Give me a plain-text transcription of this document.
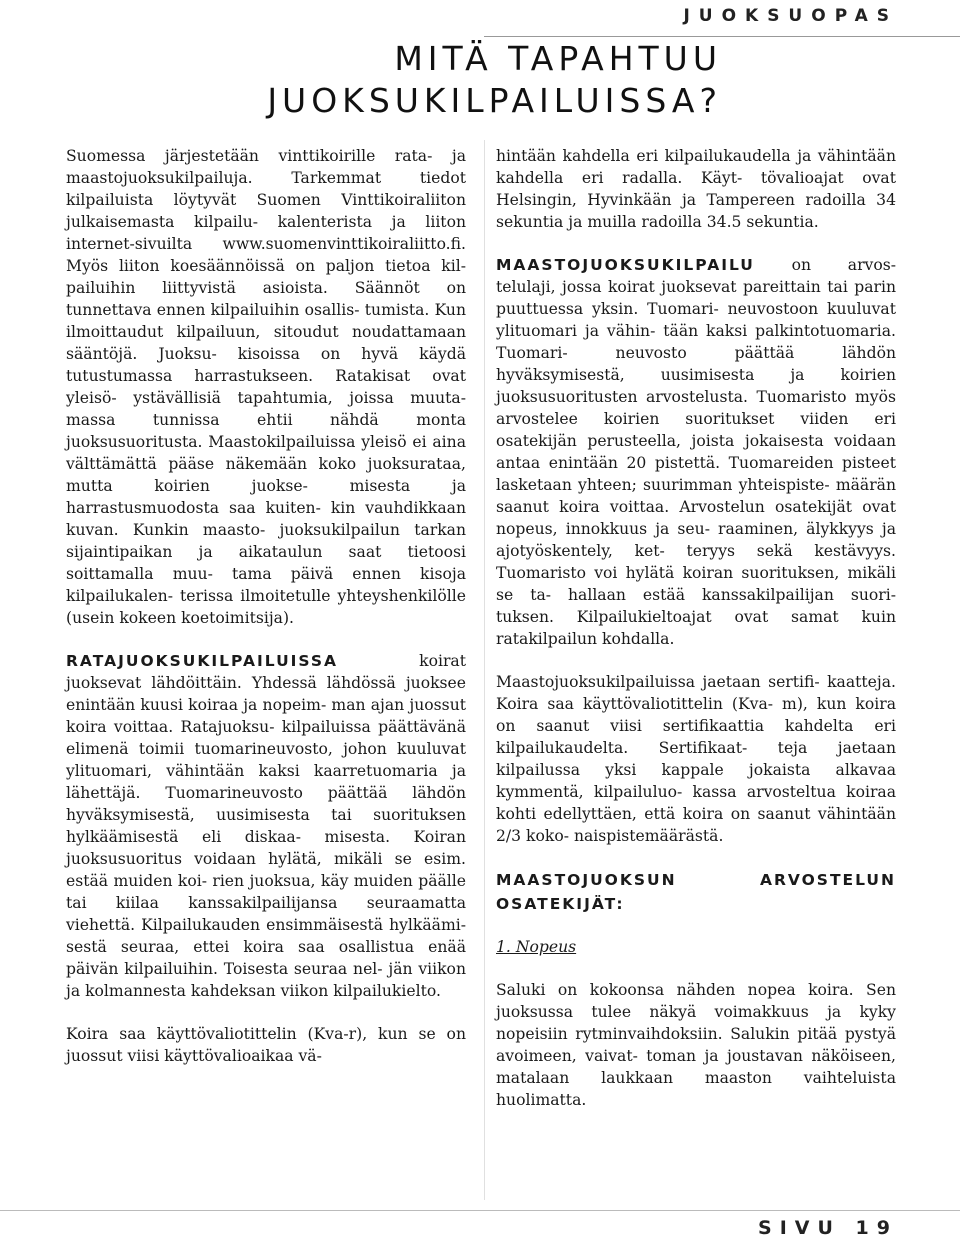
JUOKSUOPAS
MITÄ TAPAHTUU
JUOKSUKILPAILUISSA?

Suomessa järjestetään vinttikoirille rata- ja maastojuoksukilpailuja. Tarkemmat tiedot kilpailuista löytyvät Suomen Vinttikoiraliiton julkaisemasta kilpailu- kalenterista ja liiton internet-sivuilta www.suomenvinttikoiraliitto.fi. Myös liiton koesäännöissä on paljon tietoa kil- pailuihin liittyvistä asioista. Säännöt on tunnettava ennen kilpailuihin osallis- tumista. Kun ilmoittaudut kilpailuun, sitoudut noudattamaan sääntöjä. Juoksu- kisoissa on hyvä käydä tutustumassa harrastukseen. Ratakisat ovat yleisö- ystävällisiä tapahtumia, joissa muuta- massa tunnissa ehtii nähdä monta juoksusuoritusta. Maastokilpailuissa yleisö ei aina välttämättä pääse näkemään koko juoksurataa, mutta koirien juokse- misesta ja harrastusmuodosta saa kuiten- kin vauhdikkaan kuvan. Kunkin maasto- juoksukilpailun tarkan sijaintipaikan ja aikataulun saat tietoosi soittamalla muu- tama päivä ennen kisoja kilpailukalen- terissa ilmoitetulle yhteyshenkilölle (usein kokeen koetoimitsija).

RATAJUOKSUKILPAILUISSA koirat juoksevat lähdöittäin. Yhdessä lähdössä juoksee enintään kuusi koiraa ja nopeim- man ajan juossut koira voittaa. Ratajuoksu- kilpailuissa päättävänä elimenä toimii tuomarineuvosto, johon kuuluvat ylituomari, vähintään kaksi kaarretuomaria ja lähettäjä. Tuomarineuvosto päättää lähdön hyväksymisestä, uusimisesta tai suorituksen hylkäämisestä eli diskaa- misesta. Koiran juoksusuoritus voidaan hylätä, mikäli se esim. estää muiden koi- rien juoksua, käy muiden päälle tai kiilaa kanssakilpailijansa seuraamatta viehettä. Kilpailukauden ensimmäisestä hylkäämi- sestä seuraa, ettei koira saa osallistua enää päivän kilpailuihin. Toisesta seuraa nel- jän viikon ja kolmannesta kahdeksan viikon kilpailukielto.

Koira saa käyttövaliotittelin (Kva-r), kun se on juossut viisi käyttövalioaikaa vä-

hintään kahdella eri kilpailukaudella ja vähintään kahdella eri radalla. Käyt- tövalioajat ovat Helsingin, Hyvinkään ja Tampereen radoilla 34 sekuntia ja muilla radoilla 34.5 sekuntia.

MAASTOJUOKSUKILPAILU on arvos- telulaji, jossa koirat juoksevat pareittain tai parin puuttuessa yksin. Tuomari- neuvostoon kuuluvat ylituomari ja vähin- tään kaksi palkintotuomaria. Tuomari- neuvosto päättää lähdön hyväksymisestä, uusimisesta ja koirien juoksusuoritusten arvostelusta. Tuomaristo myös arvostelee koirien suoritukset viiden eri osatekijän perusteella, joista jokaisesta voidaan antaa enintään 20 pistettä. Tuomareiden pisteet lasketaan yhteen; suurimman yhteispiste- määrän saanut koira voittaa. Arvostelun osatekijät ovat nopeus, innokkuus ja seu- raaminen, älykkyys ja ajotyöskentely, ket- teryys sekä kestävyys. Tuomaristo voi hylätä koiran suorituksen, mikäli se ta- hallaan estää kanssakilpailijan suori- tuksen. Kilpailukieltoajat ovat samat kuin ratakilpailun kohdalla.

Maastojuoksukilpailuissa jaetaan sertifi- kaatteja. Koira saa käyttövaliotittelin (Kva- m), kun koira on saanut viisi sertifikaattia kahdelta eri kilpailukaudelta. Sertifikaat- teja jaetaan kilpailussa yksi kappale jokaista alkavaa kymmentä, kilpailuluo- kassa arvosteltua koiraa kohti edellyttäen, että koira on saanut vähintään 2/3 koko- naispistemäärästä.

MAASTOJUOKSUN ARVOSTELUN OSATEKIJÄT:

1. Nopeus

Saluki on kokoonsa nähden nopea koira. Sen juoksussa tulee näkyä voimakkuus ja kyky nopeisiin rytminvaihdoksiin. Salukin pitää pystyä avoimeen, vaivat- toman ja joustavan näköiseen, matalaan laukkaan maaston vaihteluista huolimatta.

SIVU 19
